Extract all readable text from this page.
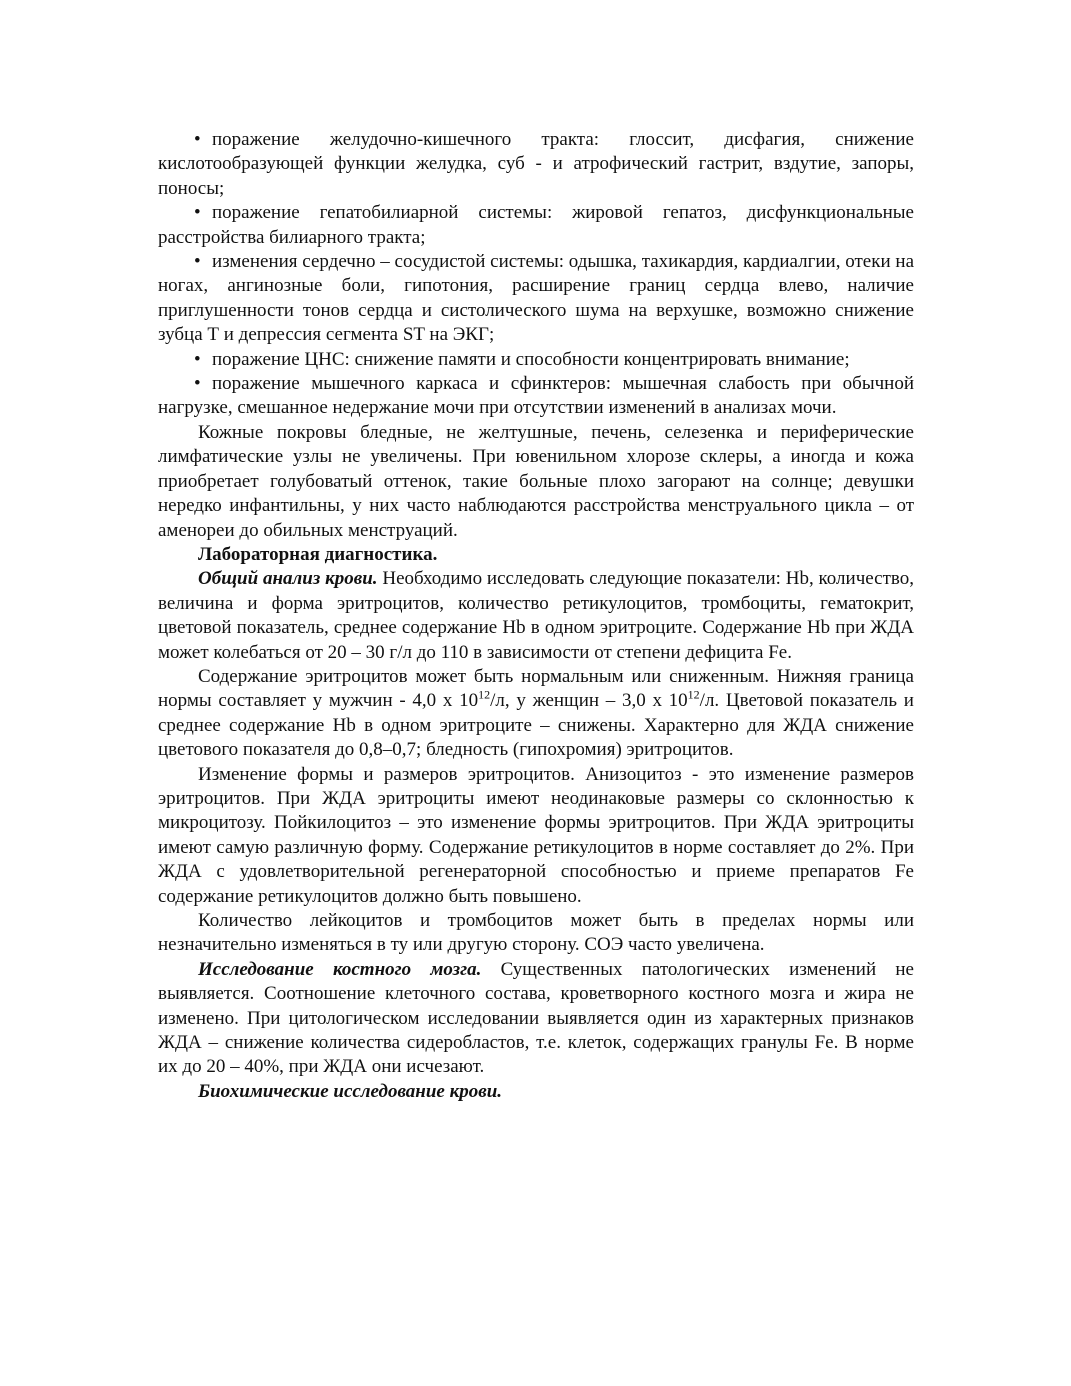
• поражение желудочно-кишечного тракта: глоссит, дисфагия, снижение кислотообразующей функции желудка, суб - и атрофический гастрит, вздутие, запоры, поносы;

• поражение гепатобилиарной системы: жировой гепатоз, дисфункциональные расстройства билиарного тракта;

• изменения сердечно – сосудистой системы: одышка, тахикардия, кардиалгии, отеки на ногах, ангинозные боли, гипотония, расширение границ сердца влево, наличие приглушенности тонов сердца и систолического шума на верхушке, возможно снижение зубца Т и депрессия сегмента ST на ЭКГ;

• поражение ЦНС: снижение памяти и способности концентрировать внимание;

• поражение мышечного каркаса и сфинктеров: мышечная слабость при обычной нагрузке, смешанное недержание мочи при отсутствии изменений в анализах мочи.

Кожные покровы бледные, не желтушные, печень, селезенка и периферические лимфатические узлы не увеличены. При ювенильном хлорозе склеры, а иногда и кожа приобретает голубоватый оттенок, такие больные плохо загорают на солнце; девушки нередко инфантильны, у них часто наблюдаются расстройства менструального цикла – от аменореи до обильных менструаций.

Лабораторная диагностика.

Общий анализ крови. Необходимо исследовать следующие показатели: Hb, количество, величина и форма эритроцитов, количество ретикулоцитов, тромбоциты, гематокрит, цветовой показатель, среднее содержание Hb в одном эритроците. Содержание Hb при ЖДА может колебаться от 20 – 30 г/л до 110 в зависимости от степени дефицита Fe.

Содержание эритроцитов может быть нормальным или сниженным. Нижняя граница нормы составляет у мужчин - 4,0 х $10^{12}/л$, у женщин – 3,0 х $10^{12}/л$. Цветовой показатель и среднее содержание Hb в одном эритроците – снижены. Характерно для ЖДА снижение цветового показателя до 0,8–0,7; бледность (гипохромия) эритроцитов.

Изменение формы и размеров эритроцитов. Анизоцитоз - это изменение размеров эритроцитов. При ЖДА эритроциты имеют неодинаковые размеры со склонностью к микроцитозу. Пойкилоцитоз – это изменение формы эритроцитов. При ЖДА эритроциты имеют самую различную форму. Содержание ретикулоцитов в норме составляет до 2%. При ЖДА с удовлетворительной регенераторной способностью и приеме препаратов Fe содержание ретикулоцитов должно быть повышено.

Количество лейкоцитов и тромбоцитов может быть в пределах нормы или незначительно изменяться в ту или другую сторону. СОЭ часто увеличена.

Исследование костного мозга. Существенных патологических изменений не выявляется. Соотношение клеточного состава, кроветворного костного мозга и жира не изменено. При цитологическом исследовании выявляется один из характерных признаков ЖДА – снижение количества сидеробластов, т.е. клеток, содержащих гранулы Fe. В норме их до 20 – 40%, при ЖДА они исчезают.

Биохимические исследование крови.
